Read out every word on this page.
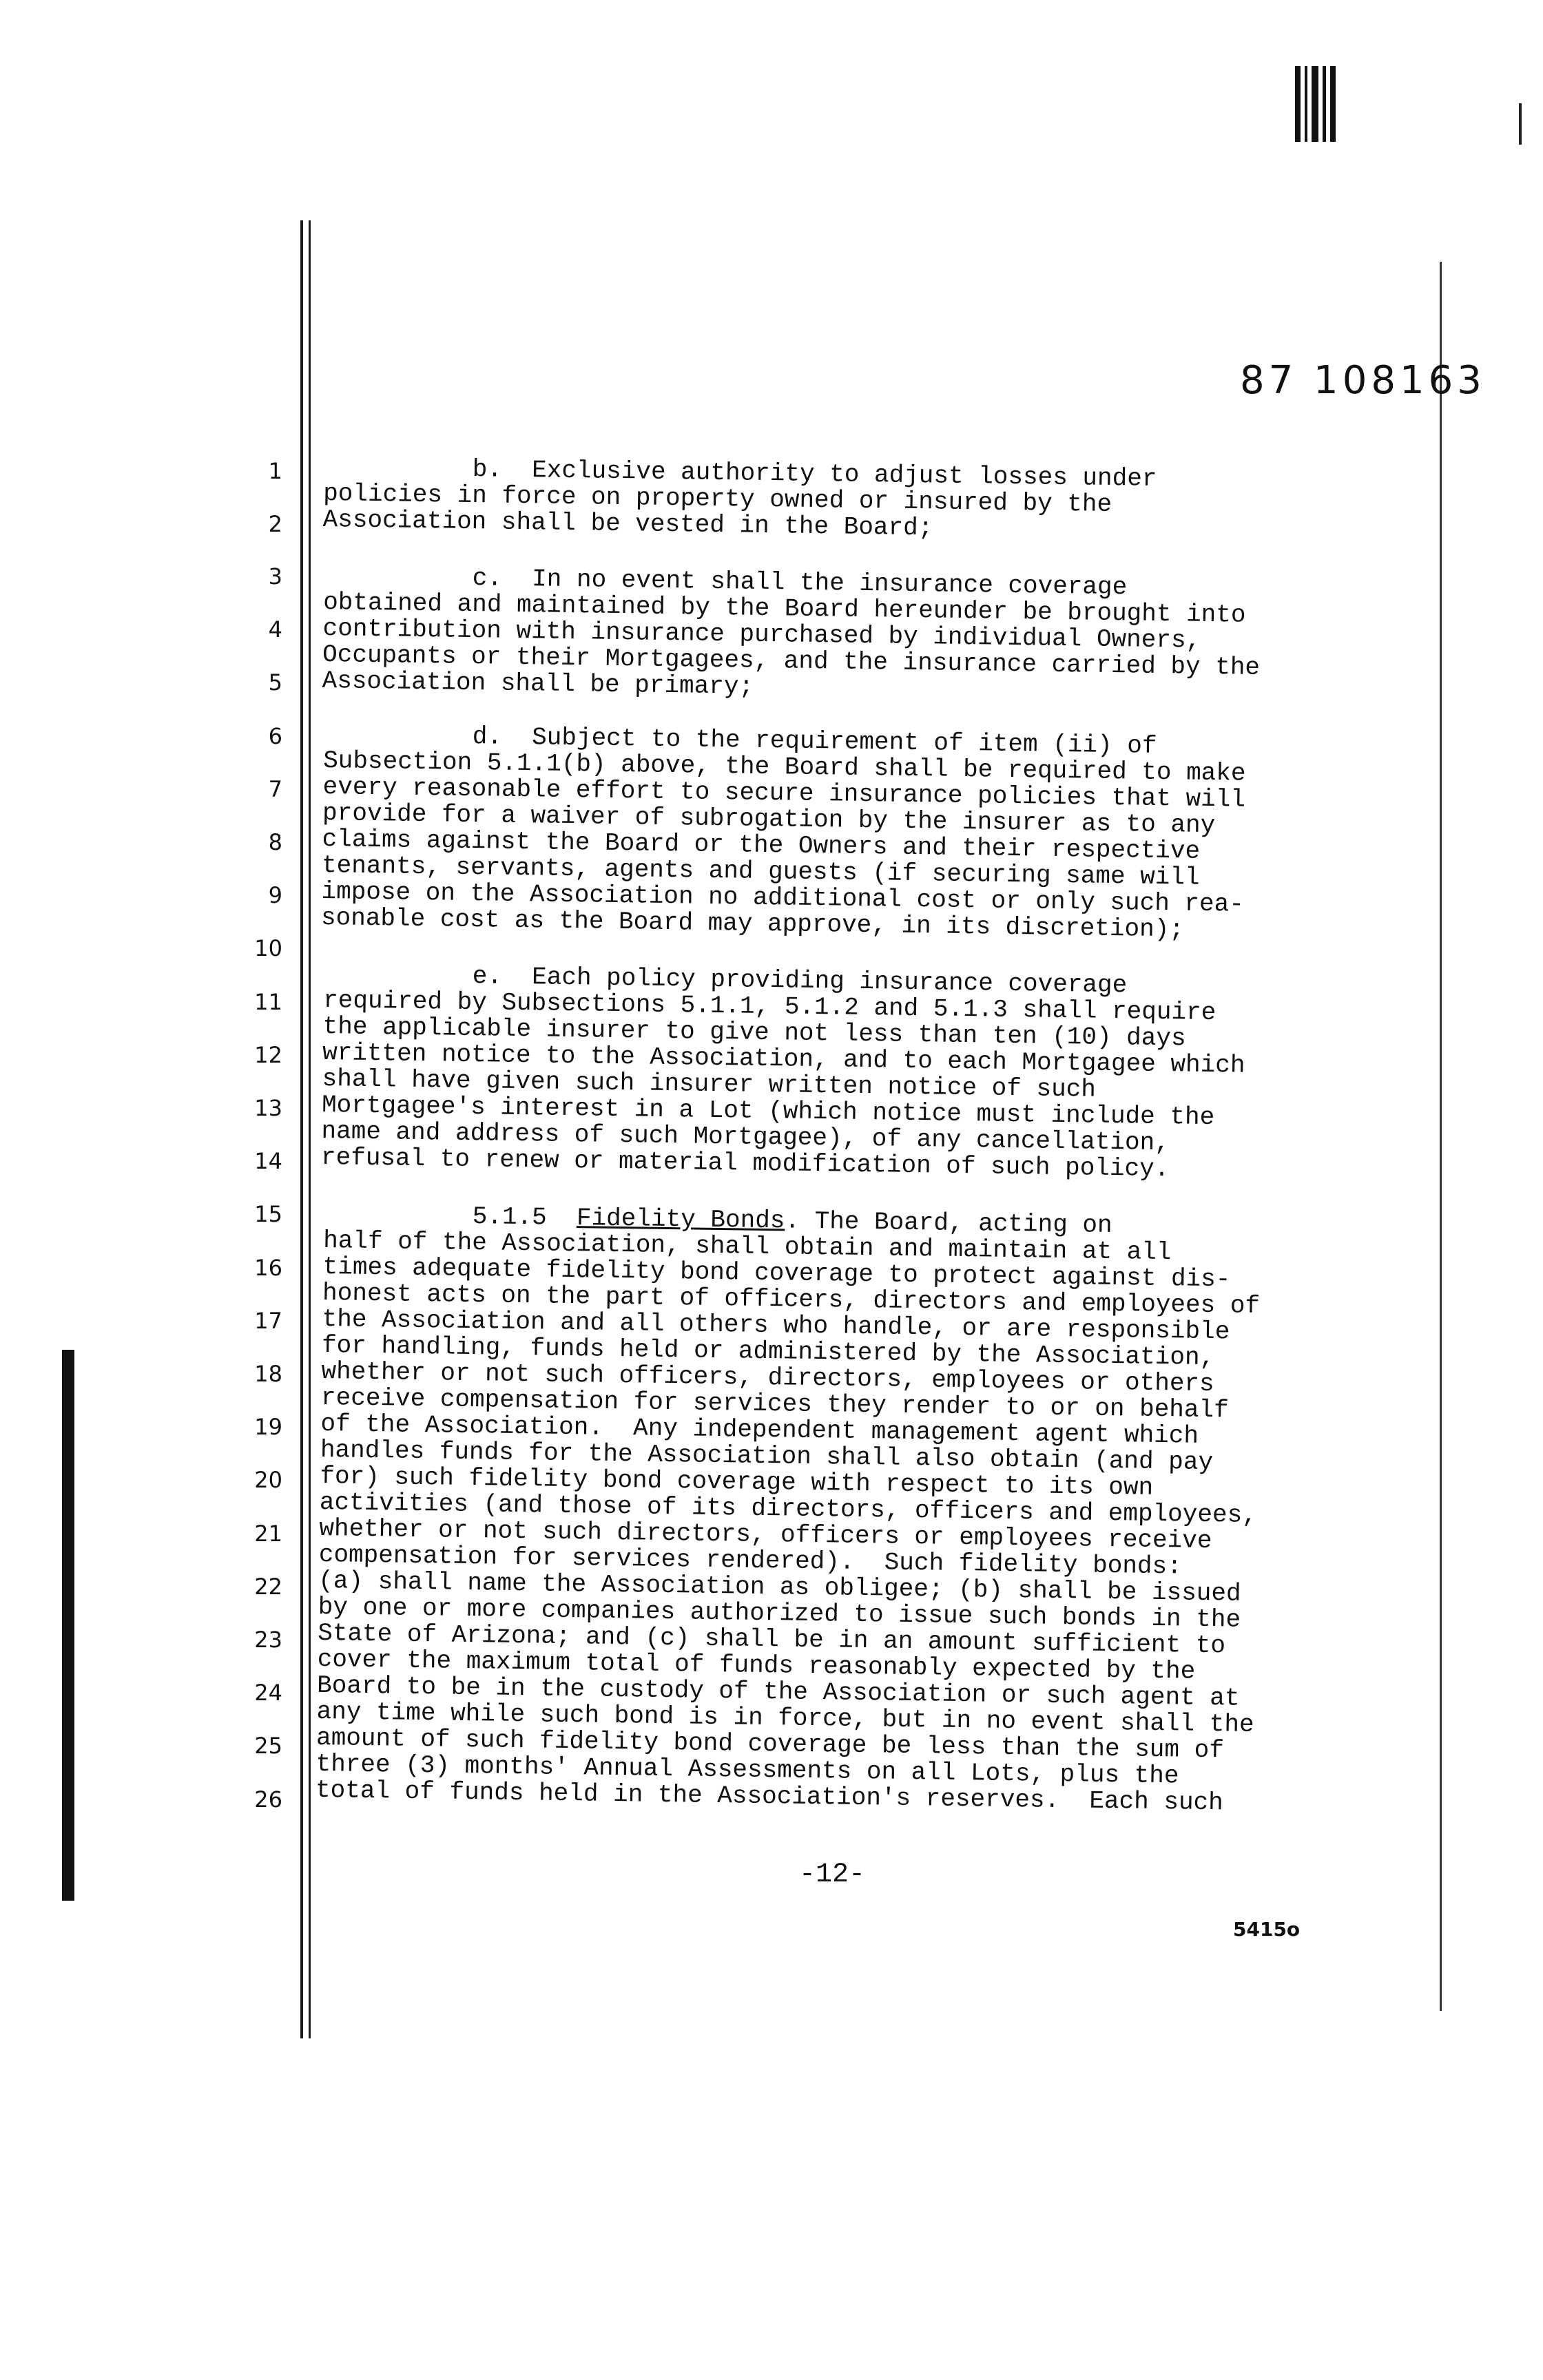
87 108163
1
2
3
4
5
6
7
8
9
10
11
12
13
14
15
16
17
18
19
20
21
22
23
24
25
26
b.  Exclusive authority to adjust losses under
policies in force on property owned or insured by the
Association shall be vested in the Board;
c.  In no event shall the insurance coverage
obtained and maintained by the Board hereunder be brought into
contribution with insurance purchased by individual Owners,
Occupants or their Mortgagees, and the insurance carried by the
Association shall be primary;
d.  Subject to the requirement of item (ii) of
Subsection 5.1.1(b) above, the Board shall be required to make
every reasonable effort to secure insurance policies that will
provide for a waiver of subrogation by the insurer as to any
claims against the Board or the Owners and their respective
tenants, servants, agents and guests (if securing same will
impose on the Association no additional cost or only such rea-
sonable cost as the Board may approve, in its discretion);
e.  Each policy providing insurance coverage
required by Subsections 5.1.1, 5.1.2 and 5.1.3 shall require
the applicable insurer to give not less than ten (10) days
written notice to the Association, and to each Mortgagee which
shall have given such insurer written notice of such
Mortgagee's interest in a Lot (which notice must include the
name and address of such Mortgagee), of any cancellation,
refusal to renew or material modification of such policy.
5.1.5  Fidelity Bonds. The Board, acting on
half of the Association, shall obtain and maintain at all
times adequate fidelity bond coverage to protect against dis-
honest acts on the part of officers, directors and employees of
the Association and all others who handle, or are responsible
for handling, funds held or administered by the Association,
whether or not such officers, directors, employees or others
receive compensation for services they render to or on behalf
of the Association.  Any independent management agent which
handles funds for the Association shall also obtain (and pay
for) such fidelity bond coverage with respect to its own
activities (and those of its directors, officers and employees,
whether or not such directors, officers or employees receive
compensation for services rendered).  Such fidelity bonds:
(a) shall name the Association as obligee; (b) shall be issued
by one or more companies authorized to issue such bonds in the
State of Arizona; and (c) shall be in an amount sufficient to
cover the maximum total of funds reasonably expected by the
Board to be in the custody of the Association or such agent at
any time while such bond is in force, but in no event shall the
amount of such fidelity bond coverage be less than the sum of
three (3) months' Annual Assessments on all Lots, plus the
total of funds held in the Association's reserves.  Each such
-12-
5415o
